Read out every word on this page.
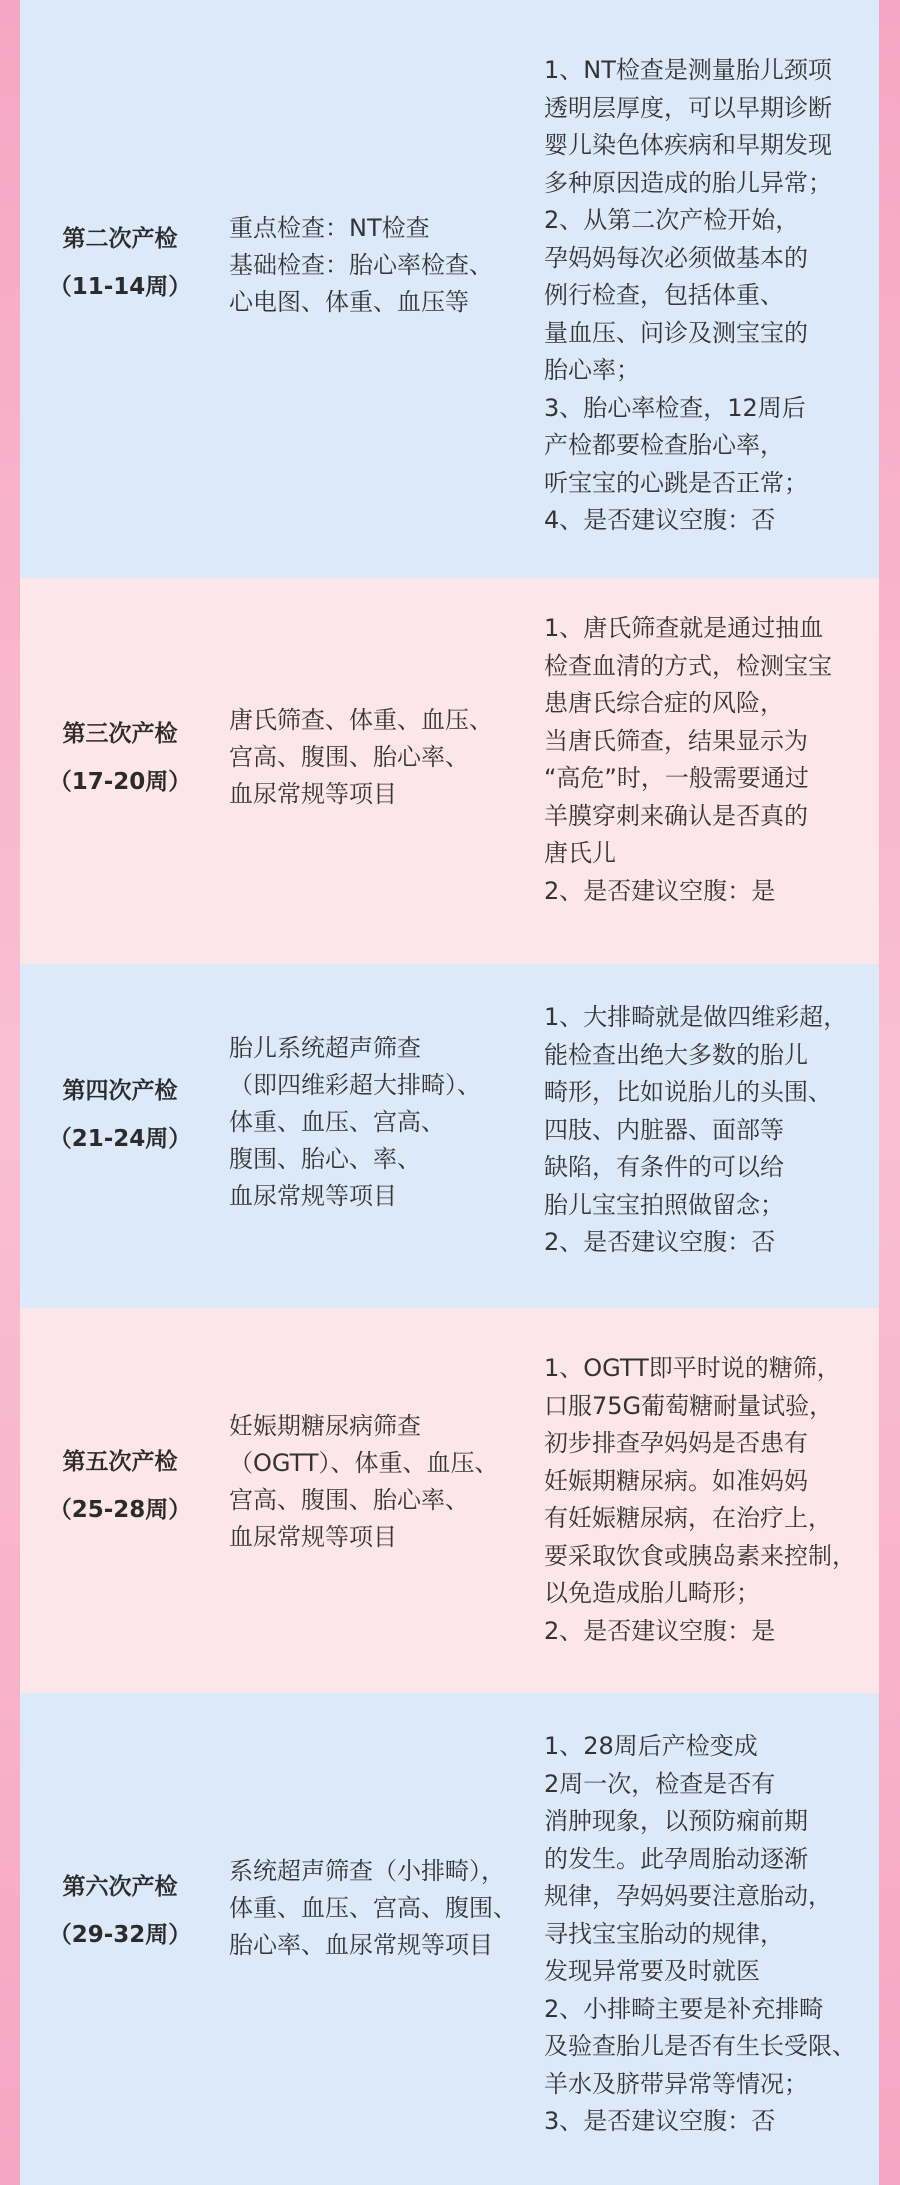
第二次产检
（11-14周）
重点检查：NT检查
基础检查：胎心率检查、
心电图、体重、血压等
1、NT检查是测量胎儿颈项
透明层厚度，可以早期诊断
婴儿染色体疾病和早期发现
多种原因造成的胎儿异常；
2、从第二次产检开始，
孕妈妈每次必须做基本的
例行检查，包括体重、
量血压、问诊及测宝宝的
胎心率；
3、胎心率检查，12周后
产检都要检查胎心率，
听宝宝的心跳是否正常；
4、是否建议空腹：否
第三次产检
（17-20周）
唐氏筛查、体重、血压、
宫高、腹围、胎心率、
血尿常规等项目
1、唐氏筛查就是通过抽血
检查血清的方式，检测宝宝
患唐氏综合症的风险，
当唐氏筛查，结果显示为
“高危”时，一般需要通过
羊膜穿刺来确认是否真的
唐氏儿
2、是否建议空腹：是
第四次产检
（21-24周）
胎儿系统超声筛查
（即四维彩超大排畸）、
体重、血压、宫高、
腹围、胎心、率、
血尿常规等项目
1、大排畸就是做四维彩超，
能检查出绝大多数的胎儿
畸形，比如说胎儿的头围、
四肢、内脏器、面部等
缺陷，有条件的可以给
胎儿宝宝拍照做留念；
2、是否建议空腹：否
第五次产检
（25-28周）
妊娠期糖尿病筛查
（OGTT）、体重、血压、
宫高、腹围、胎心率、
血尿常规等项目
1、OGTT即平时说的糖筛，
口服75G葡萄糖耐量试验，
初步排查孕妈妈是否患有
妊娠期糖尿病。如准妈妈
有妊娠糖尿病，在治疗上，
要采取饮食或胰岛素来控制，
以免造成胎儿畸形；
2、是否建议空腹：是
第六次产检
（29-32周）
系统超声筛查（小排畸），
体重、血压、宫高、腹围、
胎心率、血尿常规等项目
1、28周后产检变成
2周一次，检查是否有
消肿现象，以预防痫前期
的发生。此孕周胎动逐渐
规律，孕妈妈要注意胎动，
寻找宝宝胎动的规律，
发现异常要及时就医
2、小排畸主要是补充排畸
及验查胎儿是否有生长受限、
羊水及脐带异常等情况；
3、是否建议空腹：否
